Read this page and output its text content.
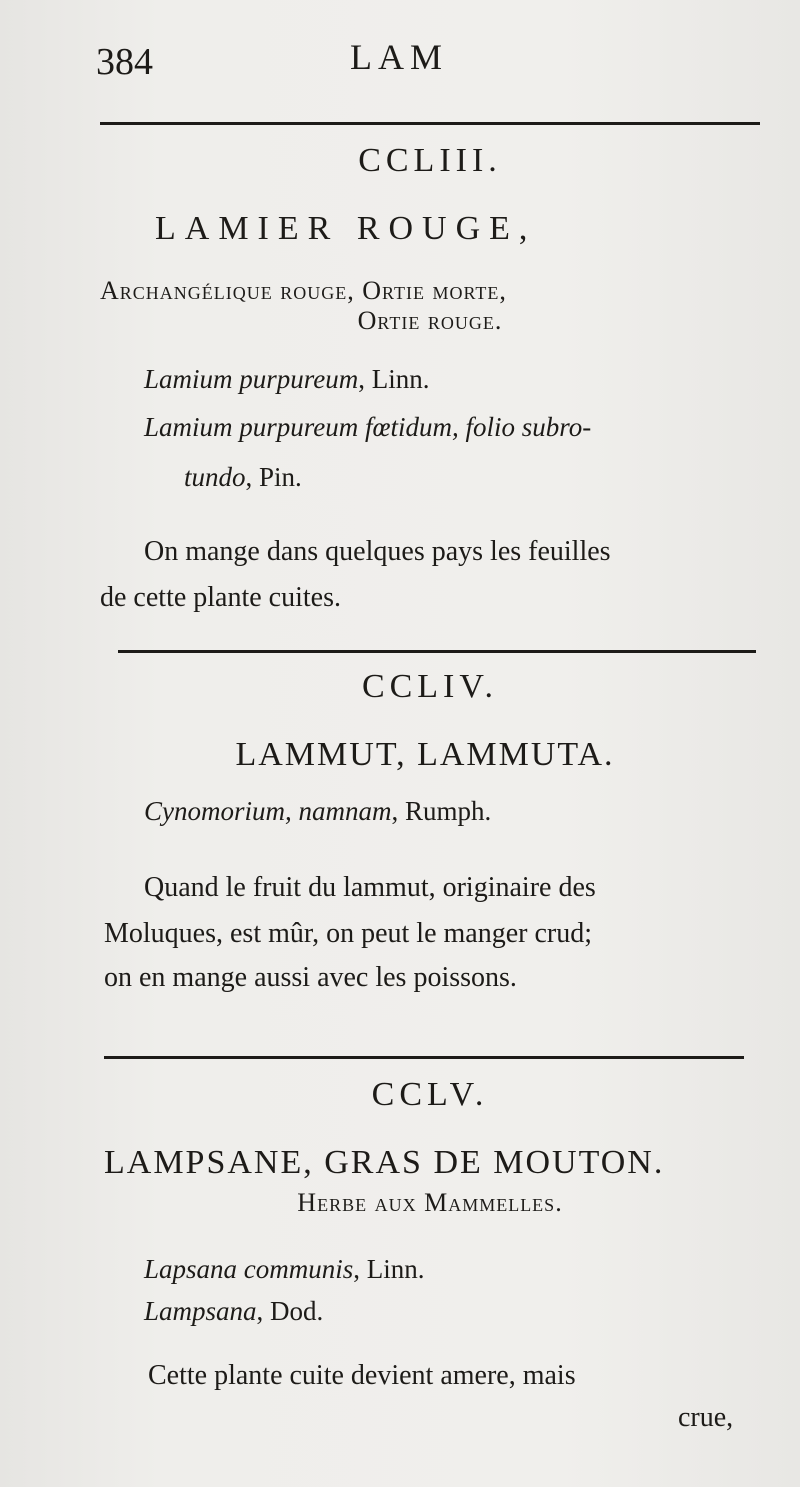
384	LAM
CCLIII.
LAMIER ROUGE,
Archangélique rouge, Ortie morte,
Ortie rouge.
Lamium purpureum, Linn.
Lamium purpureum fœtidum, folio subro-
tundo, Pin.
On mange dans quelques pays les feuilles
de cette plante cuites.
CCLIV.
LAMMUT, LAMMUTA.
Cynomorium, namnam, Rumph.
Quand le fruit du lammut, originaire des
Moluques, est mûr, on peut le manger crud;
on en mange aussi avec les poissons.
CCLV.
LAMPSANE, GRAS DE MOUTON.
Herbe aux Mammelles.
Lapsana communis, Linn.
Lampsana, Dod.
Cette plante cuite devient amere, mais
crue,
